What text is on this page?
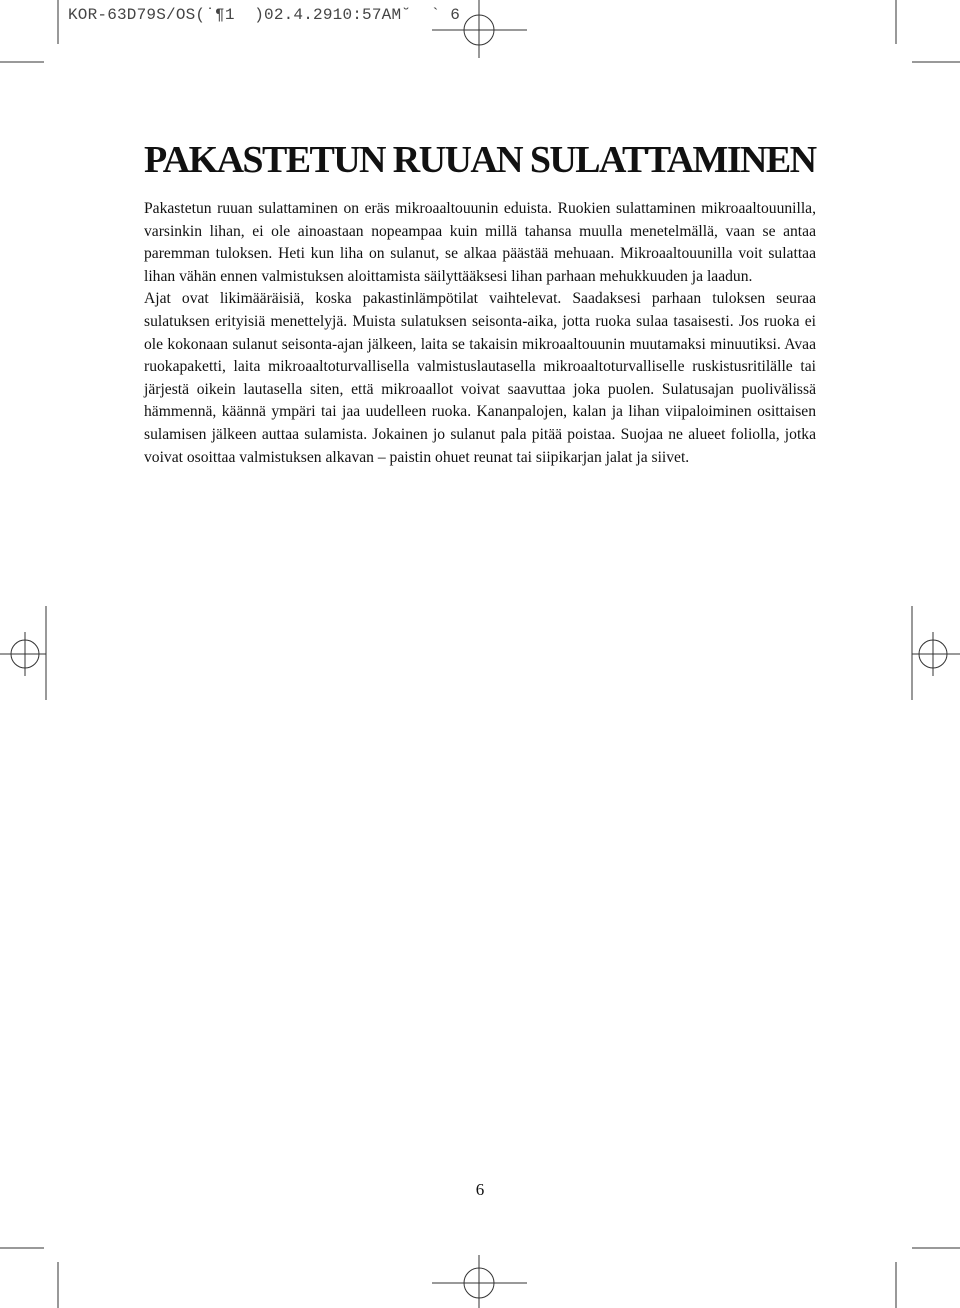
KOR-63D79S/OS(˙¶1  )02.4.2910:57AM˘  ` 6
PAKASTETUN RUUAN SULATTAMINEN

Pakastetun ruuan sulattaminen on eräs mikroaaltouunin eduista. Ruokien sulattaminen mikroaaltouunilla, varsinkin lihan, ei ole ainoastaan nopeampaa kuin millä tahansa muulla menetelmällä, vaan se antaa paremman tuloksen. Heti kun liha on sulanut, se alkaa päästää mehuaan. Mikroaaltouunilla voit sulattaa lihan vähän ennen valmistuksen aloittamista säilyttääksesi lihan parhaan mehukkuuden ja laadun.

Ajat ovat likimääräisiä, koska pakastinlämpötilat vaihtelevat. Saadaksesi parhaan tuloksen seuraa sulatuksen erityisiä menettelyjä. Muista sulatuksen seisonta-aika, jotta ruoka sulaa tasaisesti. Jos ruoka ei ole kokonaan sulanut seisonta-ajan jälkeen, laita se takaisin mikroaaltouunin muutamaksi minuutiksi. Avaa ruokapaketti, laita mikroaaltoturvallisella valmistuslautasella mikroaaltoturvalliselle ruskistusritilälle tai järjestä oikein lautasella siten, että mikroaallot voivat saavuttaa joka puolen. Sulatusajan puolivälissä hämmennä, käännä ympäri tai jaa uudelleen ruoka. Kananpalojen, kalan ja lihan viipaloiminen osittaisen sulamisen jälkeen auttaa sulamista. Jokainen jo sulanut pala pitää poistaa. Suojaa ne alueet foliolla, jotka voivat osoittaa valmistuksen alkavan – paistin ohuet reunat tai siipikarjan jalat ja siivet.

6
